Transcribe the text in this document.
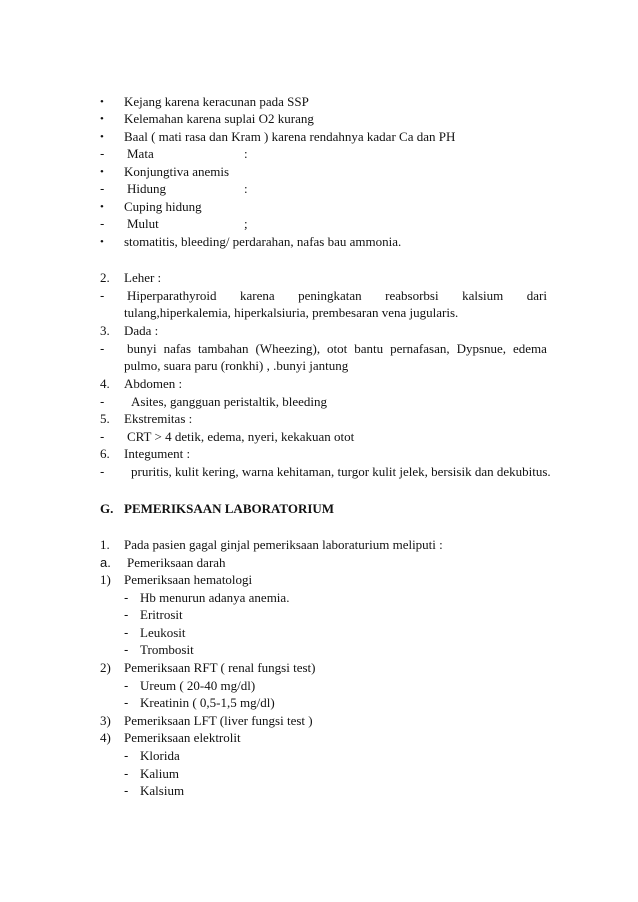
• Kejang karena keracunan pada SSP
• Kelemahan karena suplai O2 kurang
• Baal ( mati rasa dan Kram ) karena rendahnya kadar Ca dan PH
- Mata	:
• Konjungtiva anemis
- Hidung	:
• Cuping hidung
- Mulut	;
• stomatitis, bleeding/ perdarahan, nafas bau ammonia.
2. Leher :
- Hiperparathyroid karena peningkatan reabsorbsi kalsium dari
tulang,hiperkalemia, hiperkalsiuria, prembesaran vena jugularis.
3. Dada :
- bunyi nafas tambahan (Wheezing), otot bantu pernafasan, Dypsnue, edema
pulmo, suara paru (ronkhi) , .bunyi jantung
4. Abdomen :
- Asites, gangguan peristaltik, bleeding
5. Ekstremitas :
- CRT > 4 detik, edema, nyeri, kekakuan otot
6. Integument :
- pruritis, kulit kering, warna kehitaman, turgor kulit jelek, bersisik dan dekubitus.
G. PEMERIKSAAN LABORATORIUM
1. Pada pasien gagal ginjal pemeriksaan laboraturium meliputi :
a. Pemeriksaan darah
1) Pemeriksaan hematologi
- Hb menurun adanya anemia.
- Eritrosit
- Leukosit
- Trombosit
2) Pemeriksaan RFT ( renal fungsi test)
- Ureum ( 20-40 mg/dl)
- Kreatinin ( 0,5-1,5 mg/dl)
3) Pemeriksaan LFT (liver fungsi test )
4) Pemeriksaan elektrolit
- Klorida
- Kalium
- Kalsium
